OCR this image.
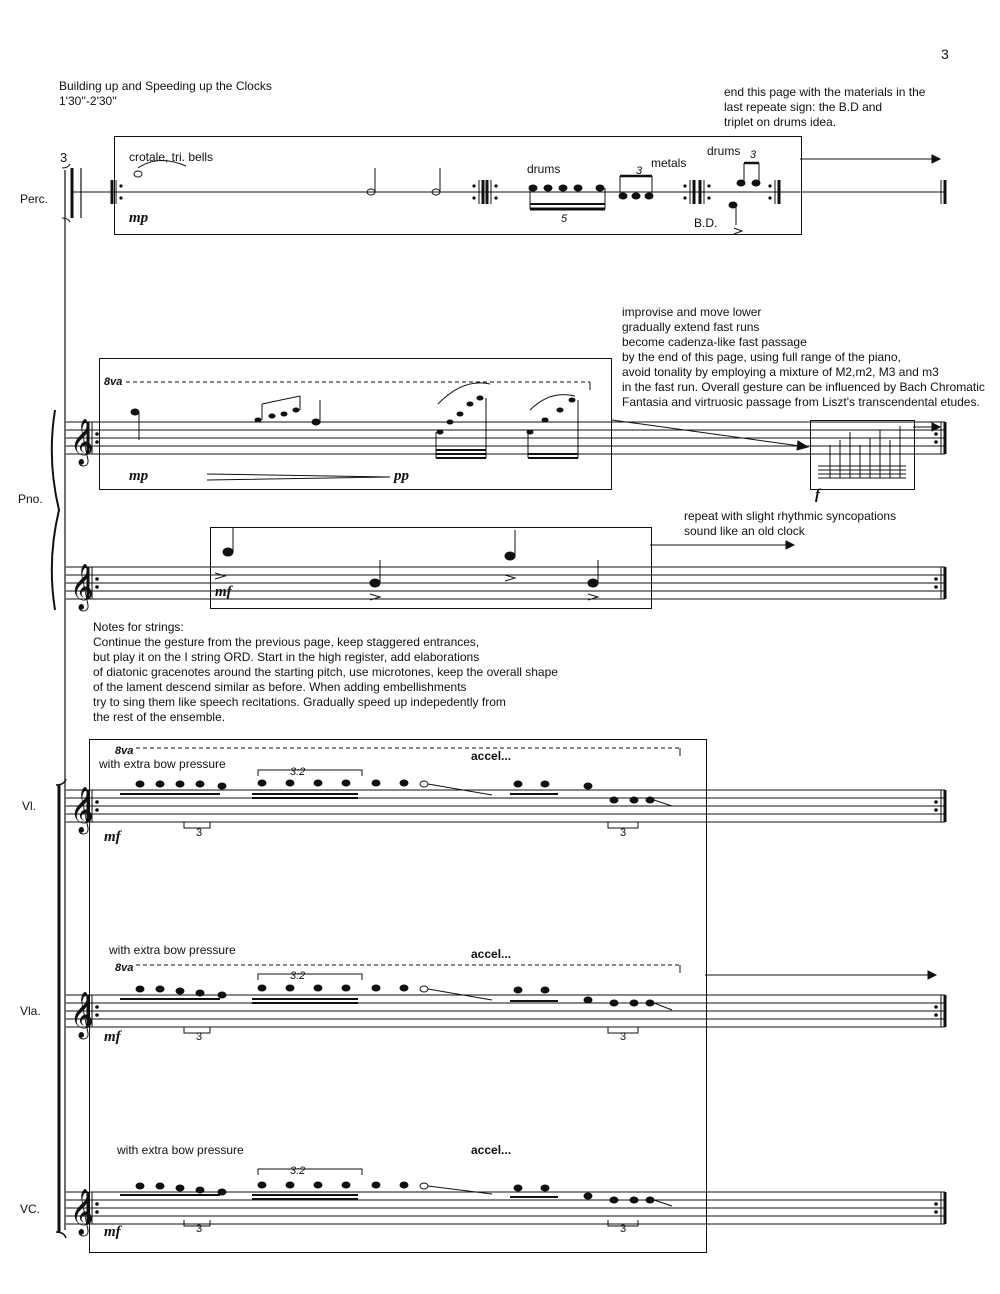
3
Building up and Speeding up the Clocks
1'30''-2'30''
end this page with the materials in the
last repeate sign: the B.D and
triplet on drums idea.
3
Perc.
crotale, tri. bells
drums	metals
drums
B.D.
mp	5
3
3
improvise and move lower
gradually extend fast runs
become cadenza-like fast passage
by the end of this page, using full range of the piano,
avoid tonality by employing a mixture of M2,m2, M3 and m3
in the fast run. Overall gesture can be influenced by Bach Chromatic
Fantasia and virtruosic passage from Liszt's transcendental etudes.
Pno.
8va
mp	pp
f
mf
repeat with slight rhythmic syncopations
sound like an old clock
Notes for strings:
Continue the gesture from the previous page, keep staggered entrances,
but play it on the I string ORD. Start in the high register, add elaborations
of diatonic gracenotes around the starting pitch, use microtones, keep the overall shape
of the lament descend similar as before. When adding embellishments
try to sing them like speech recitations. Gradually speed up indepedently from
the rest of the ensemble.
Vl.
Vla.
VC.
8va
with extra bow pressure
accel...
3:2
3	3
mf
with extra bow pressure	accel...
8va
3:2
3	3
mf
with extra bow pressure	accel...
3:2
3	3
mf
𝄞
𝄞
𝄞
𝄞
𝄞
